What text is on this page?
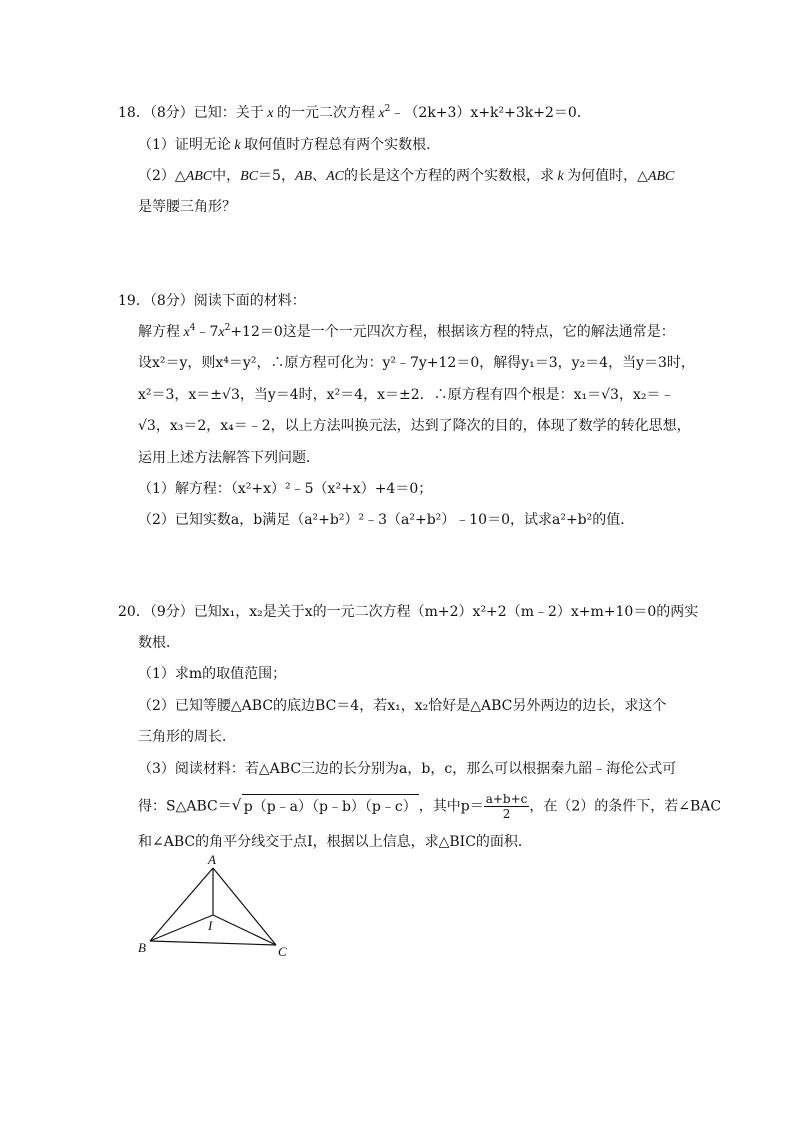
18．（8分）已知：关于 x 的一元二次方程 $x^2﹣(2k+3)x+k^2+3k+2=0$．
（1）证明无论 k 取何值时方程总有两个实数根．
（2）△ABC中，BC＝5，AB、AC的长是这个方程的两个实数根，求 k 为何值时，△ABC
是等腰三角形？
19．（8分）阅读下面的材料：
解方程 $x^4﹣7x^2+12=0$这是一个一元四次方程，根据该方程的特点，它的解法通常是：
设x²＝y，则x⁴＝y²，∴原方程可化为：y²﹣7y+12＝0，解得y₁＝3，y₂＝4，当y＝3时，
x²＝3，x＝±√3，当y＝4时，x²＝4，x＝±2．∴原方程有四个根是：x₁＝√3，x₂＝﹣
√3，x₃＝2，x₄＝﹣2，以上方法叫换元法，达到了降次的目的，体现了数学的转化思想，
运用上述方法解答下列问题．
（1）解方程：（x²+x）²﹣5（x²+x）+4＝0；
（2）已知实数a，b满足（a²+b²）²﹣3（a²+b²）﹣10＝0，试求a²+b²的值．
20．（9分）已知x₁，x₂是关于x的一元二次方程（m+2）x²+2（m﹣2）x+m+10＝0的两实
数根．
（1）求m的取值范围；
（2）已知等腰△ABC的底边BC＝4，若x₁，x₂恰好是△ABC另外两边的边长，求这个
三角形的周长．
（3）阅读材料：若△ABC三边的长分别为a，b，c，那么可以根据秦九韶﹣海伦公式可
得：S△ABC＝√ p（p﹣a）（p﹣b）（p﹣c） ，其中$p= \frac{a+b+c}{2}$ ，在（2）的条件下，若∠BAC
和∠ABC的角平分线交于点I，根据以上信息，求△BIC的面积．
A
B	C
I
